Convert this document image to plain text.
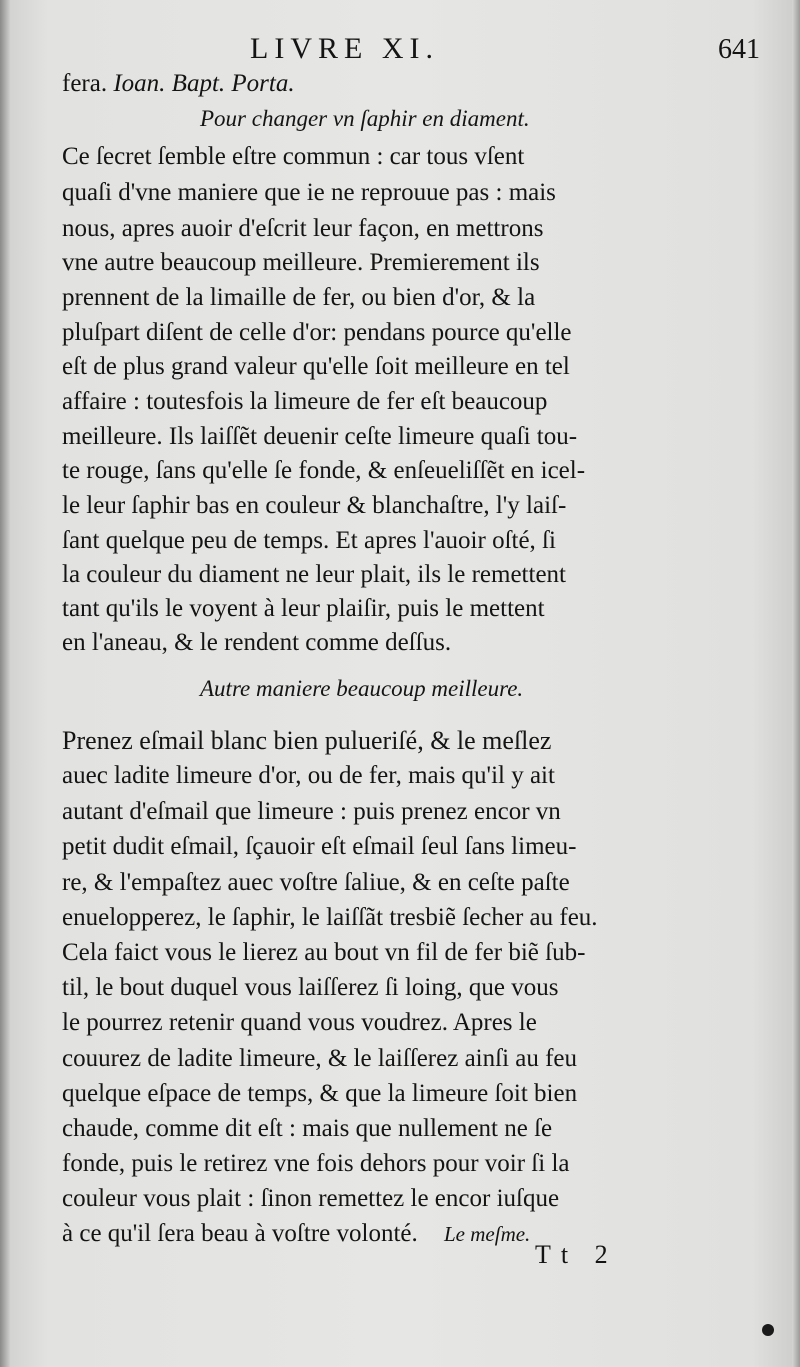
LIVRE XI.	641
fera. Ioan. Bapt. Porta.
Pour changer vn ſaphir en diament.
Ce ſecret ſemble eſtre commun : car tous vſent
quaſi d'vne maniere que ie ne reprouue pas : mais
nous, apres auoir d'eſcrit leur façon, en mettrons
vne autre beaucoup meilleure. Premierement ils
prennent de la limaille de fer, ou bien d'or, & la
pluſpart diſent de celle d'or: pendans pource qu'elle
eſt de plus grand valeur qu'elle ſoit meilleure en tel
affaire : toutesfois la limeure de fer eſt beaucoup
meilleure. Ils laiſſẽt deuenir ceſte limeure quaſi tou-
te rouge, ſans qu'elle ſe fonde, & enſeueliſſẽt en icel-
le leur ſaphir bas en couleur & blanchaſtre, l'y laiſ-
ſant quelque peu de temps. Et apres l'auoir oſté, ſi
la couleur du diament ne leur plait, ils le remettent
tant qu'ils le voyent à leur plaiſir, puis le mettent
en l'aneau, & le rendent comme deſſus.
Autre maniere beaucoup meilleure.
Prenez eſmail blanc bien pulueriſé, & le meſlez
auec ladite limeure d'or, ou de fer, mais qu'il y ait
autant d'eſmail que limeure : puis prenez encor vn
petit dudit eſmail, ſçauoir eſt eſmail ſeul ſans limeu-
re, & l'empaſtez auec voſtre ſaliue, & en ceſte paſte
enuelopperez, le ſaphir, le laiſſãt tresbiẽ ſecher au feu.
Cela faict vous le lierez au bout vn fil de fer biẽ ſub-
til, le bout duquel vous laiſſerez ſi loing, que vous
le pourrez retenir quand vous voudrez. Apres le
couurez de ladite limeure, & le laiſſerez ainſi au feu
quelque eſpace de temps, & que la limeure ſoit bien
chaude, comme dit eſt : mais que nullement ne ſe
fonde, puis le retirez vne fois dehors pour voir ſi la
couleur vous plait : ſinon remettez le encor iuſque
à ce qu'il ſera beau à voſtre volonté. Le meſme.
Tt 2
